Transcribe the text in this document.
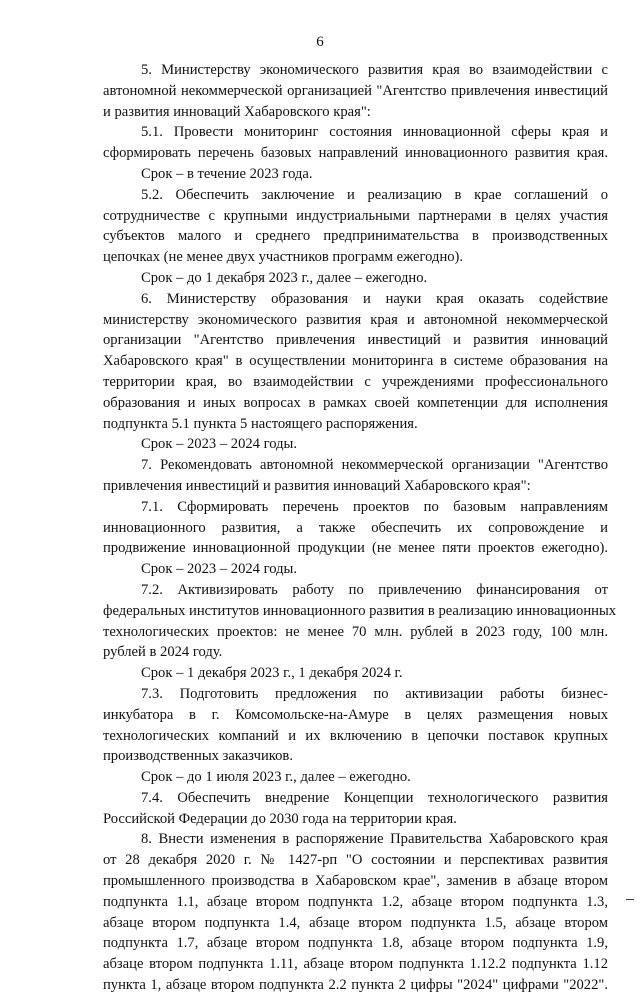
6
5. Министерству экономического развития края во взаимодействии с
автономной некоммерческой организацией "Агентство привлечения инвестиций
и развития инноваций Хабаровского края":
5.1. Провести мониторинг состояния инновационной сферы края и
сформировать перечень базовых направлений инновационного развития края.
Срок – в течение 2023 года.
5.2. Обеспечить заключение и реализацию в крае соглашений о
сотрудничестве с крупными индустриальными партнерами в целях участия
субъектов малого и среднего предпринимательства в производственных
цепочках (не менее двух участников программ ежегодно).
Срок – до 1 декабря 2023 г., далее – ежегодно.
6. Министерству образования и науки края оказать содействие
министерству экономического развития края и автономной некоммерческой
организации "Агентство привлечения инвестиций и развития инноваций
Хабаровского края" в осуществлении мониторинга в системе образования на
территории края, во взаимодействии с учреждениями профессионального
образования и иных вопросах в рамках своей компетенции для исполнения
подпункта 5.1 пункта 5 настоящего распоряжения.
Срок – 2023 – 2024 годы.
7. Рекомендовать автономной некоммерческой организации "Агентство
привлечения инвестиций и развития инноваций Хабаровского края":
7.1. Сформировать перечень проектов по базовым направлениям
инновационного развития, а также обеспечить их сопровождение и
продвижение инновационной продукции (не менее пяти проектов ежегодно).
Срок – 2023 – 2024 годы.
7.2. Активизировать работу по привлечению финансирования от
федеральных институтов инновационного развития в реализацию инновационных
технологических проектов: не менее 70 млн. рублей в 2023 году, 100 млн.
рублей в 2024 году.
Срок – 1 декабря 2023 г., 1 декабря 2024 г.
7.3. Подготовить предложения по активизации работы бизнес-
инкубатора в г. Комсомольске-на-Амуре в целях размещения новых
технологических компаний и их включению в цепочки поставок крупных
производственных заказчиков.
Срок – до 1 июля 2023 г., далее – ежегодно.
7.4. Обеспечить внедрение Концепции технологического развития
Российской Федерации до 2030 года на территории края.
8. Внести изменения в распоряжение Правительства Хабаровского края
от 28 декабря 2020 г. № 1427-рп "О состоянии и перспективах развития
промышленного производства в Хабаровском крае", заменив в абзаце втором
подпункта 1.1, абзаце втором подпункта 1.2, абзаце втором подпункта 1.3,
абзаце втором подпункта 1.4, абзаце втором подпункта 1.5, абзаце втором
подпункта 1.7, абзаце втором подпункта 1.8, абзаце втором подпункта 1.9,
абзаце втором подпункта 1.11, абзаце втором подпункта 1.12.2 подпункта 1.12
пункта 1, абзаце втором подпункта 2.2 пункта 2 цифры "2024" цифрами "2022".
